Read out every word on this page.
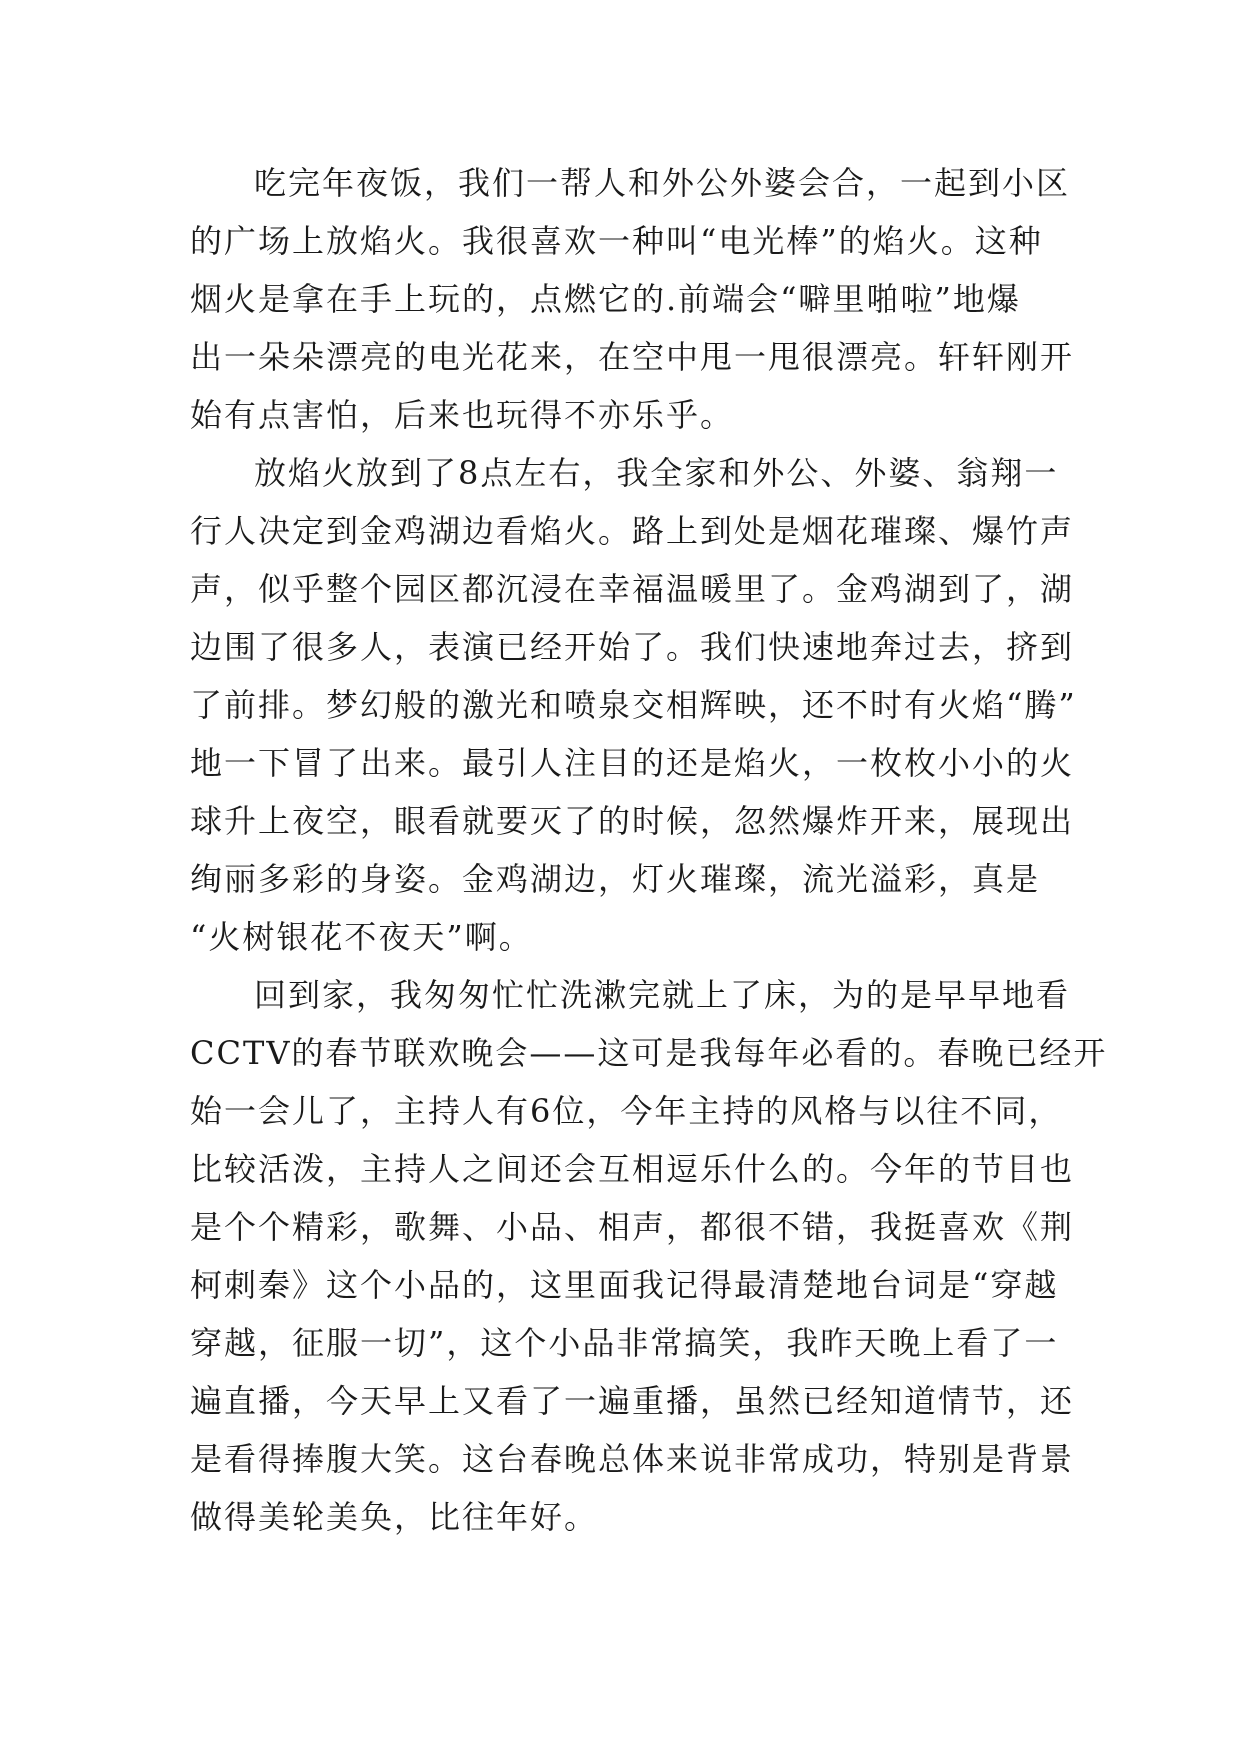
吃完年夜饭，我们一帮人和外公外婆会合，一起到小区
的广场上放焰火。我很喜欢一种叫“电光棒”的焰火。这种
烟火是拿在手上玩的，点燃它的.前端会“噼里啪啦”地爆
出一朵朵漂亮的电光花来，在空中甩一甩很漂亮。轩轩刚开
始有点害怕，后来也玩得不亦乐乎。
放焰火放到了8点左右，我全家和外公、外婆、翁翔一
行人决定到金鸡湖边看焰火。路上到处是烟花璀璨、爆竹声
声，似乎整个园区都沉浸在幸福温暖里了。金鸡湖到了，湖
边围了很多人，表演已经开始了。我们快速地奔过去，挤到
了前排。梦幻般的激光和喷泉交相辉映，还不时有火焰“腾”
地一下冒了出来。最引人注目的还是焰火，一枚枚小小的火
球升上夜空，眼看就要灭了的时候，忽然爆炸开来，展现出
绚丽多彩的身姿。金鸡湖边，灯火璀璨，流光溢彩，真是
“火树银花不夜天”啊。
回到家，我匆匆忙忙洗漱完就上了床，为的是早早地看
CCTV的春节联欢晚会——这可是我每年必看的。春晚已经开
始一会儿了，主持人有6位，今年主持的风格与以往不同，
比较活泼，主持人之间还会互相逗乐什么的。今年的节目也
是个个精彩，歌舞、小品、相声，都很不错，我挺喜欢《荆
柯刺秦》这个小品的，这里面我记得最清楚地台词是“穿越
穿越，征服一切”，这个小品非常搞笑，我昨天晚上看了一
遍直播，今天早上又看了一遍重播，虽然已经知道情节，还
是看得捧腹大笑。这台春晚总体来说非常成功，特别是背景
做得美轮美奂，比往年好。
